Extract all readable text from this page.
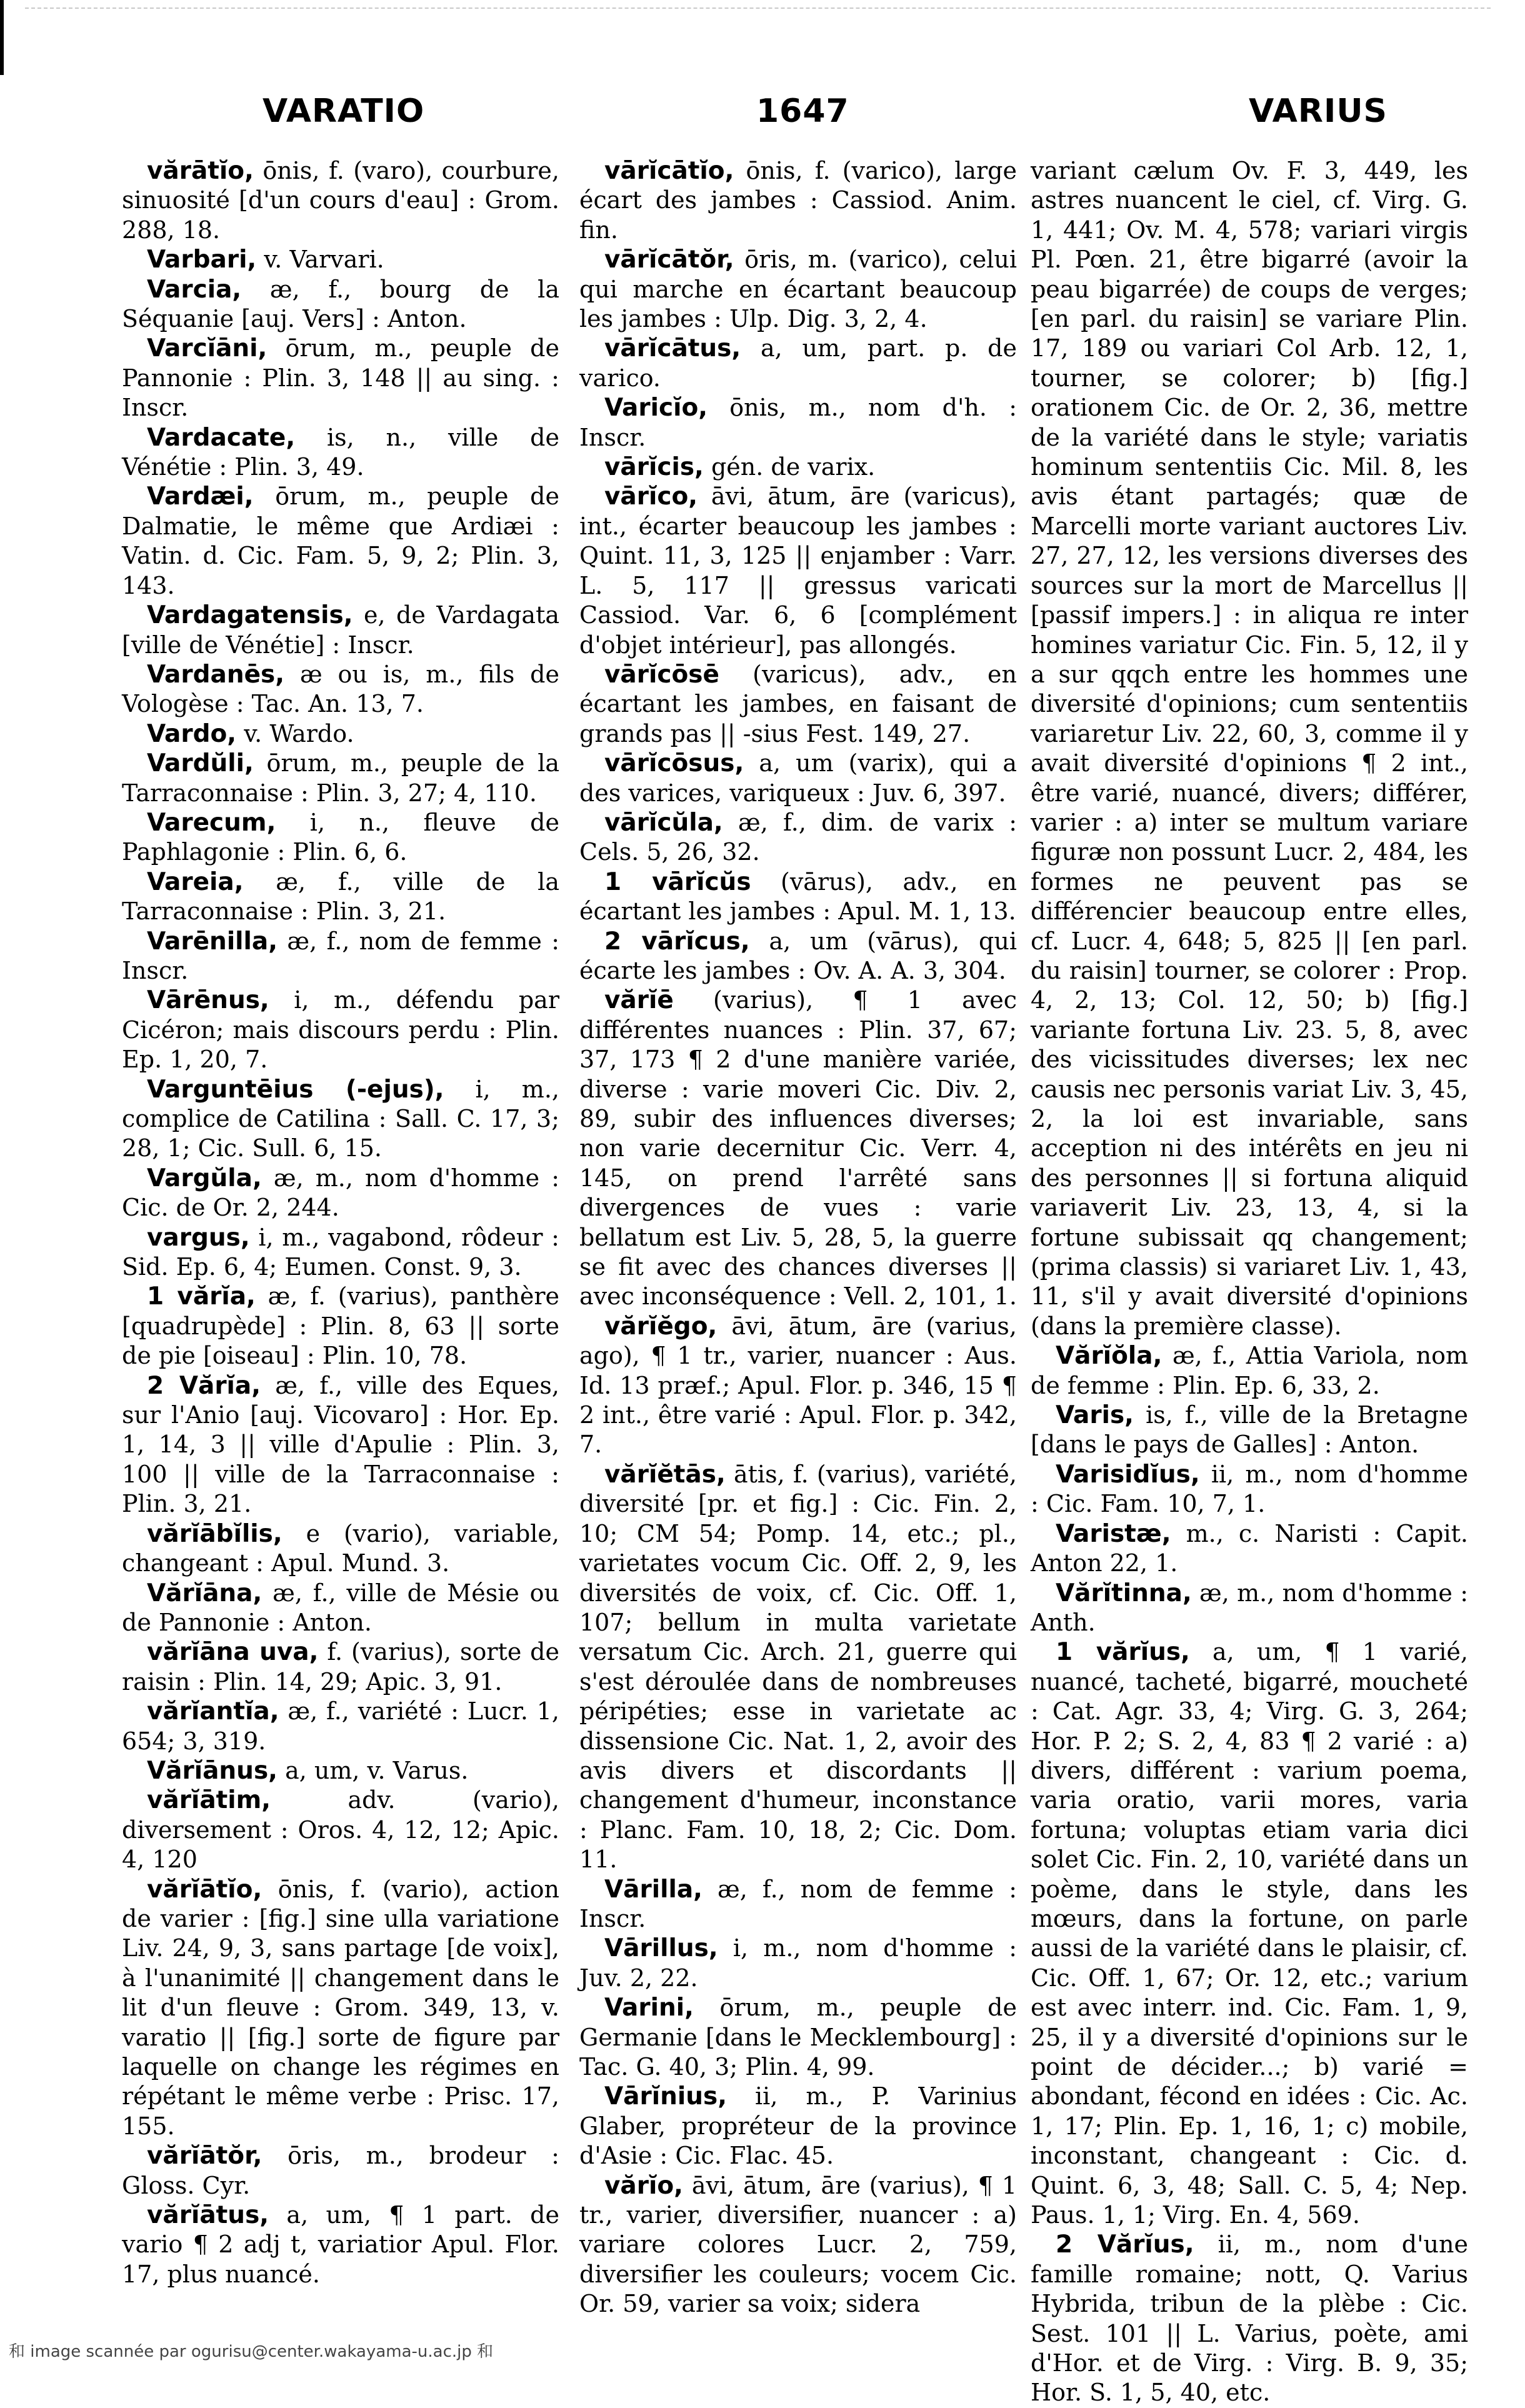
VARATIO	1647	VARIUS

vărātĭo, ōnis, f. (varo), courbure, sinuosité [d'un cours d'eau] : Grom. 288, 18.

Varbari, v. Varvari.

Varcia, æ, f., bourg de la Séquanie [auj. Vers] : Anton.

Varcĭāni, ōrum, m., peuple de Pannonie : Plin. 3, 148 || au sing. : Inscr.

Vardacate, is, n., ville de Vénétie : Plin. 3, 49.

Vardæi, ōrum, m., peuple de Dalmatie, le même que Ardiæi : Vatin. d. Cic. Fam. 5, 9, 2; Plin. 3, 143.

Vardagatensis, e, de Vardagata [ville de Vénétie] : Inscr.

Vardanēs, æ ou is, m., fils de Vologèse : Tac. An. 13, 7.

Vardo, v. Wardo.

Vardŭli, ōrum, m., peuple de la Tarraconnaise : Plin. 3, 27; 4, 110.

Varecum, i, n., fleuve de Paphlagonie : Plin. 6, 6.

Vareia, æ, f., ville de la Tarraconnaise : Plin. 3, 21.

Varēnilla, æ, f., nom de femme : Inscr.

Vārēnus, i, m., défendu par Cicéron; mais discours perdu : Plin. Ep. 1, 20, 7.

Varguntēius (-ejus), i, m., complice de Catilina : Sall. C. 17, 3; 28, 1; Cic. Sull. 6, 15.

Vargŭla, æ, m., nom d'homme : Cic. de Or. 2, 244.

vargus, i, m., vagabond, rôdeur : Sid. Ep. 6, 4; Eumen. Const. 9, 3.

1 vărĭa, æ, f. (varius), panthère [quadrupède] : Plin. 8, 63 || sorte de pie [oiseau] : Plin. 10, 78.

2 Vărĭa, æ, f., ville des Eques, sur l'Anio [auj. Vicovaro] : Hor. Ep. 1, 14, 3 || ville d'Apulie : Plin. 3, 100 || ville de la Tarraconnaise : Plin. 3, 21.

vărĭābĭlis, e (vario), variable, changeant : Apul. Mund. 3.

Vărĭāna, æ, f., ville de Mésie ou de Pannonie : Anton.

vărĭāna uva, f. (varius), sorte de raisin : Plin. 14, 29; Apic. 3, 91.

vărĭantĭa, æ, f., variété : Lucr. 1, 654; 3, 319.

Vărĭānus, a, um, v. Varus.

vărĭātim, adv. (vario), diversement : Oros. 4, 12, 12; Apic. 4, 120

vărĭātĭo, ōnis, f. (vario), action de varier : [fig.] sine ulla variatione Liv. 24, 9, 3, sans partage [de voix], à l'unanimité || changement dans le lit d'un fleuve : Grom. 349, 13, v. varatio || [fig.] sorte de figure par laquelle on change les régimes en répétant le même verbe : Prisc. 17, 155.

vărĭātŏr, ōris, m., brodeur : Gloss. Cyr.

vărĭātus, a, um, ¶ 1 part. de vario ¶ 2 adj t, variatior Apul. Flor. 17, plus nuancé.

vārĭcātĭo, ōnis, f. (varico), large écart des jambes : Cassiod. Anim. fin.

vārĭcātŏr, ōris, m. (varico), celui qui marche en écartant beaucoup les jambes : Ulp. Dig. 3, 2, 4.

vārĭcātus, a, um, part. p. de varico.

Varicĭo, ōnis, m., nom d'h. : Inscr.

vārĭcis, gén. de varix.

vārĭco, āvi, ātum, āre (varicus), int., écarter beaucoup les jambes : Quint. 11, 3, 125 || enjamber : Varr. L. 5, 117 || gressus varicati Cassiod. Var. 6, 6 [complément d'objet intérieur], pas allongés.

vārĭcōsē (varicus), adv., en écartant les jambes, en faisant de grands pas || -sius Fest. 149, 27.

vārĭcōsus, a, um (varix), qui a des varices, variqueux : Juv. 6, 397.

vārĭcŭla, æ, f., dim. de varix : Cels. 5, 26, 32.

1 vārĭcŭs (vārus), adv., en écartant les jambes : Apul. M. 1, 13.

2 vārĭcus, a, um (vārus), qui écarte les jambes : Ov. A. A. 3, 304.

vărĭē (varius), ¶ 1 avec différentes nuances : Plin. 37, 67; 37, 173 ¶ 2 d'une manière variée, diverse : varie moveri Cic. Div. 2, 89, subir des influences diverses; non varie decernitur Cic. Verr. 4, 145, on prend l'arrêté sans divergences de vues : varie bellatum est Liv. 5, 28, 5, la guerre se fit avec des chances diverses || avec inconséquence : Vell. 2, 101, 1.

vărĭĕgo, āvi, ātum, āre (varius, ago), ¶ 1 tr., varier, nuancer : Aus. Id. 13 præf.; Apul. Flor. p. 346, 15 ¶ 2 int., être varié : Apul. Flor. p. 342, 7.

vărĭĕtās, ātis, f. (varius), variété, diversité [pr. et fig.] : Cic. Fin. 2, 10; CM 54; Pomp. 14, etc.; pl., varietates vocum Cic. Off. 2, 9, les diversités de voix, cf. Cic. Off. 1, 107; bellum in multa varietate versatum Cic. Arch. 21, guerre qui s'est déroulée dans de nombreuses péripéties; esse in varietate ac dissensione Cic. Nat. 1, 2, avoir des avis divers et discordants || changement d'humeur, inconstance : Planc. Fam. 10, 18, 2; Cic. Dom. 11.

Vārilla, æ, f., nom de femme : Inscr.

Vārillus, i, m., nom d'homme : Juv. 2, 22.

Varini, ōrum, m., peuple de Germanie [dans le Mecklembourg] : Tac. G. 40, 3; Plin. 4, 99.

Vārĭnius, ii, m., P. Varinius Glaber, propréteur de la province d'Asie : Cic. Flac. 45.

vărĭo, āvi, ātum, āre (varius), ¶ 1 tr., varier, diversifier, nuancer : a) variare colores Lucr. 2, 759, diversifier les couleurs; vocem Cic. Or. 59, varier sa voix; sidera

variant cælum Ov. F. 3, 449, les astres nuancent le ciel, cf. Virg. G. 1, 441; Ov. M. 4, 578; variari virgis Pl. Pœn. 21, être bigarré (avoir la peau bigarrée) de coups de verges; [en parl. du raisin] se variare Plin. 17, 189 ou variari Col Arb. 12, 1, tourner, se colorer; b) [fig.] orationem Cic. de Or. 2, 36, mettre de la variété dans le style; variatis hominum sententiis Cic. Mil. 8, les avis étant partagés; quæ de Marcelli morte variant auctores Liv. 27, 27, 12, les versions diverses des sources sur la mort de Marcellus || [passif impers.] : in aliqua re inter homines variatur Cic. Fin. 5, 12, il y a sur qqch entre les hommes une diversité d'opinions; cum sententiis variaretur Liv. 22, 60, 3, comme il y avait diversité d'opinions ¶ 2 int., être varié, nuancé, divers; différer, varier : a) inter se multum variare figuræ non possunt Lucr. 2, 484, les formes ne peuvent pas se différencier beaucoup entre elles, cf. Lucr. 4, 648; 5, 825 || [en parl. du raisin] tourner, se colorer : Prop. 4, 2, 13; Col. 12, 50; b) [fig.] variante fortuna Liv. 23. 5, 8, avec des vicissitudes diverses; lex nec causis nec personis variat Liv. 3, 45, 2, la loi est invariable, sans acception ni des intérêts en jeu ni des personnes || si fortuna aliquid variaverit Liv. 23, 13, 4, si la fortune subissait qq changement; (prima classis) si variaret Liv. 1, 43, 11, s'il y avait diversité d'opinions (dans la première classe).

Vărĭŏla, æ, f., Attia Variola, nom de femme : Plin. Ep. 6, 33, 2.

Varis, is, f., ville de la Bretagne [dans le pays de Galles] : Anton.

Varisidĭus, ii, m., nom d'homme : Cic. Fam. 10, 7, 1.

Varistæ, m., c. Naristi : Capit. Anton 22, 1.

Vărĭtinna, æ, m., nom d'homme : Anth.

1 vărĭus, a, um, ¶ 1 varié, nuancé, tacheté, bigarré, moucheté : Cat. Agr. 33, 4; Virg. G. 3, 264; Hor. P. 2; S. 2, 4, 83 ¶ 2 varié : a) divers, différent : varium poema, varia oratio, varii mores, varia fortuna; voluptas etiam varia dici solet Cic. Fin. 2, 10, variété dans un poème, dans le style, dans les mœurs, dans la fortune, on parle aussi de la variété dans le plaisir, cf. Cic. Off. 1, 67; Or. 12, etc.; varium est avec interr. ind. Cic. Fam. 1, 9, 25, il y a diversité d'opinions sur le point de décider...; b) varié = abondant, fécond en idées : Cic. Ac. 1, 17; Plin. Ep. 1, 16, 1; c) mobile, inconstant, changeant : Cic. d. Quint. 6, 3, 48; Sall. C. 5, 4; Nep. Paus. 1, 1; Virg. En. 4, 569.

2 Vărĭus, ii, m., nom d'une famille romaine; nott, Q. Varius Hybrida, tribun de la plèbe : Cic. Sest. 101 || L. Varius, poète, ami d'Hor. et de Virg. : Virg. B. 9, 35; Hor. S. 1, 5, 40, etc.

和 image scannée par ogurisu@center.wakayama-u.ac.jp 和
